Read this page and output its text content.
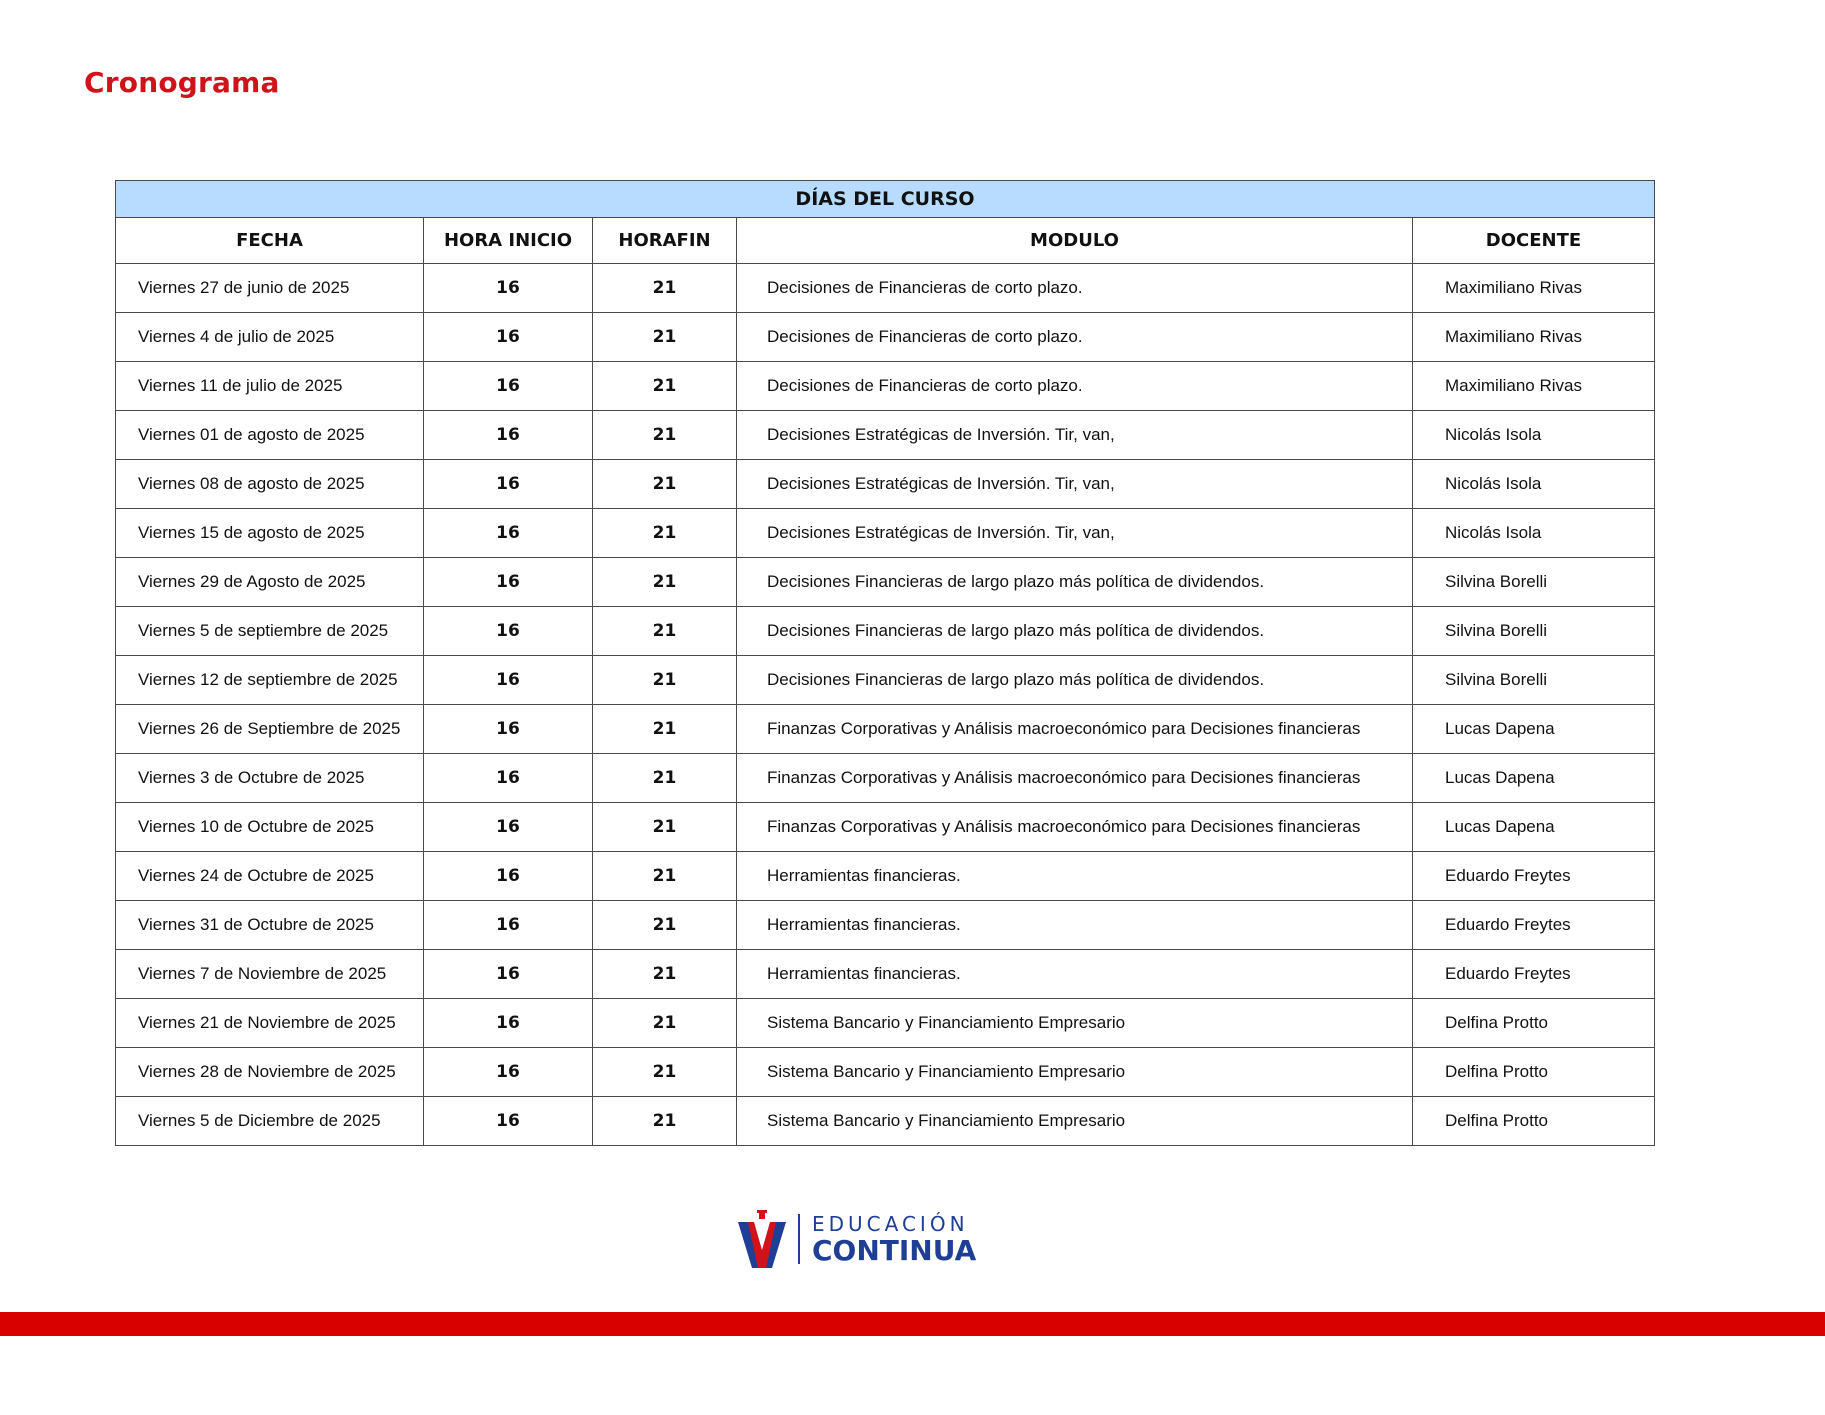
Cronograma
DÍAS DEL CURSO				
FECHA	HORA INICIO	HORAFIN	MODULO	DOCENTE
Viernes 27 de junio de 2025	16	21	Decisiones de Financieras de corto plazo.	Maximiliano Rivas
Viernes 4 de julio de 2025	16	21	Decisiones de Financieras de corto plazo.	Maximiliano Rivas
Viernes 11 de julio de 2025	16	21	Decisiones de Financieras de corto plazo.	Maximiliano Rivas
Viernes 01 de agosto de 2025	16	21	Decisiones Estratégicas de Inversión. Tir, van,	Nicolás Isola
Viernes 08 de agosto de 2025	16	21	Decisiones Estratégicas de Inversión. Tir, van,	Nicolás Isola
Viernes 15 de agosto de 2025	16	21	Decisiones Estratégicas de Inversión. Tir, van,	Nicolás Isola
Viernes 29 de Agosto de 2025	16	21	Decisiones Financieras de largo plazo más política de dividendos.	Silvina Borelli
Viernes 5 de septiembre de 2025	16	21	Decisiones Financieras de largo plazo más política de dividendos.	Silvina Borelli
Viernes 12 de septiembre de 2025	16	21	Decisiones Financieras de largo plazo más política de dividendos.	Silvina Borelli
Viernes 26 de Septiembre de 2025	16	21	Finanzas Corporativas y Análisis macroeconómico para Decisiones financieras	Lucas Dapena
Viernes 3 de Octubre de 2025	16	21	Finanzas Corporativas y Análisis macroeconómico para Decisiones financieras	Lucas Dapena
Viernes 10 de Octubre de 2025	16	21	Finanzas Corporativas y Análisis macroeconómico para Decisiones financieras	Lucas Dapena
Viernes 24 de Octubre de 2025	16	21	Herramientas financieras.	Eduardo Freytes
Viernes 31 de Octubre de 2025	16	21	Herramientas financieras.	Eduardo Freytes
Viernes 7 de Noviembre de 2025	16	21	Herramientas financieras.	Eduardo Freytes
Viernes 21 de Noviembre de 2025	16	21	Sistema Bancario y Financiamiento Empresario	Delfina Protto
Viernes 28 de Noviembre de 2025	16	21	Sistema Bancario y Financiamiento Empresario	Delfina Protto
Viernes 5 de Diciembre de 2025	16	21	Sistema Bancario y Financiamiento Empresario	Delfina Protto
EDUCACIÓN
CONTINUA
